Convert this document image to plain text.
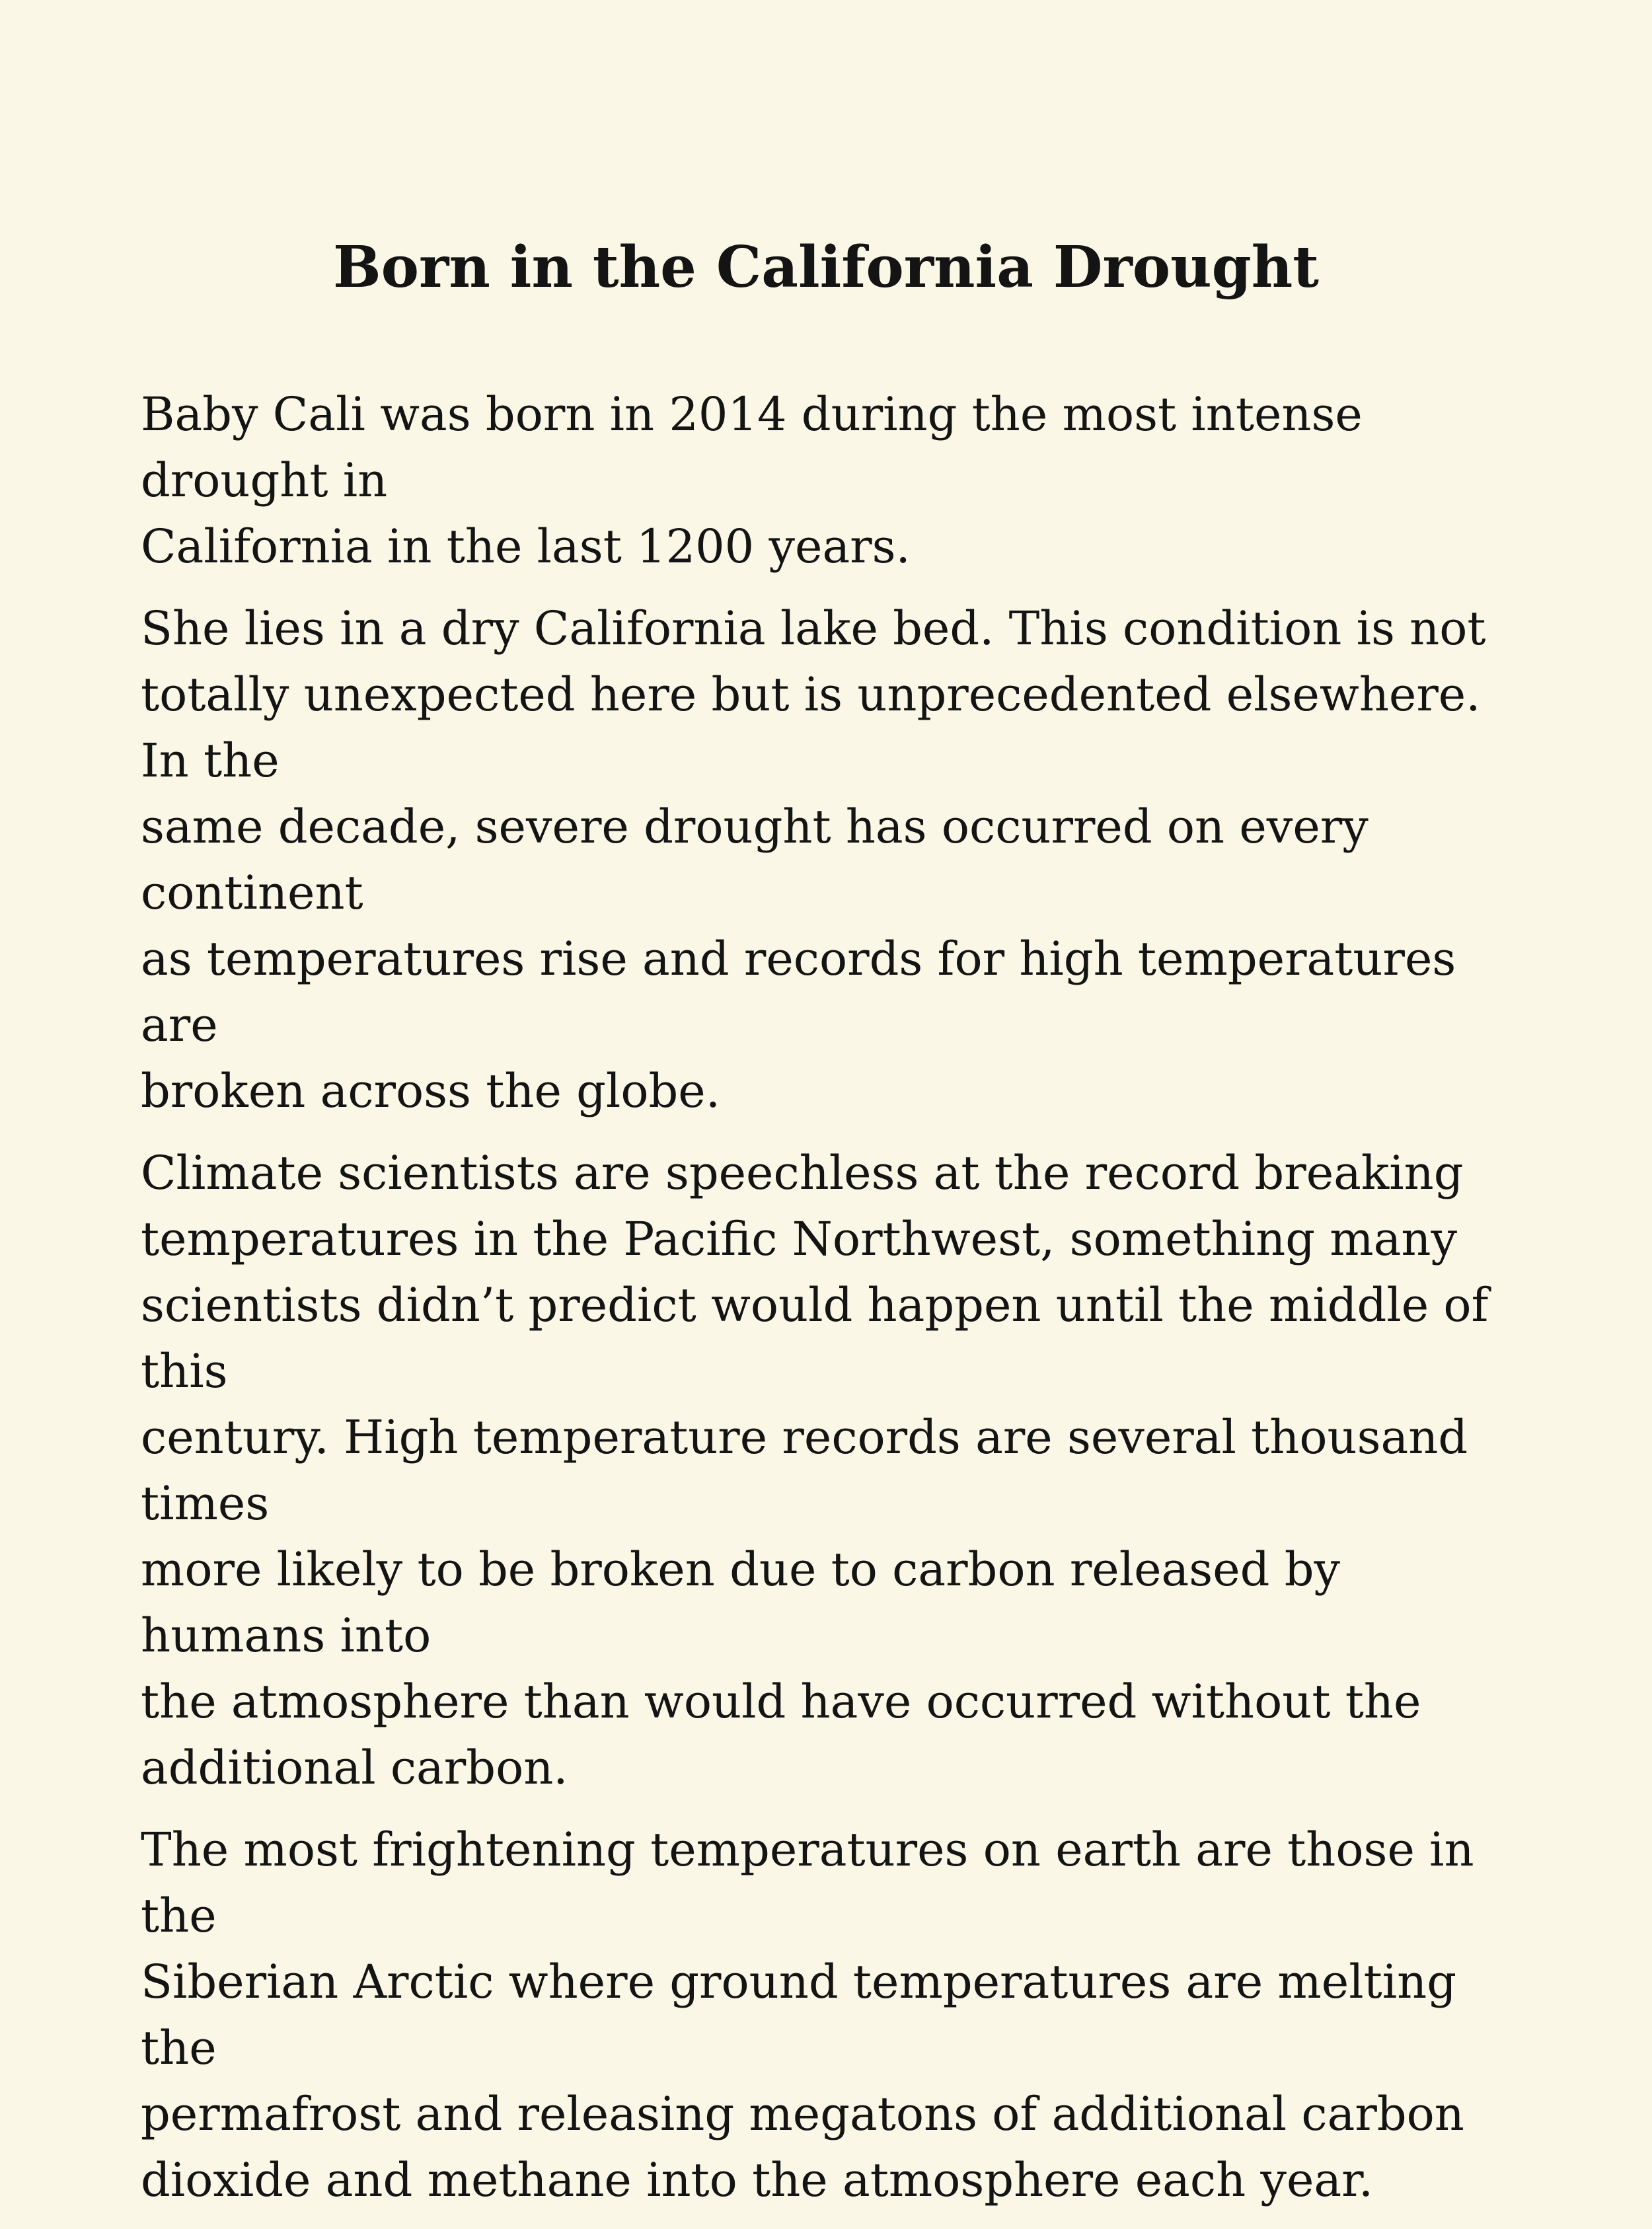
Born in the California Drought

Baby Cali was born in 2014 during the most intense drought in
California in the last 1200 years.

She lies in a dry California lake bed. This condition is not
totally unexpected here but is unprecedented elsewhere. In the
same decade, severe drought has occurred on every continent
as temperatures rise and records for high temperatures are
broken across the globe.

Climate scientists are speechless at the record breaking
temperatures in the Pacific Northwest, something many
scientists didn’t predict would happen until the middle of this
century. High temperature records are several thousand times
more likely to be broken due to carbon released by humans into
the atmosphere than would have occurred without the
additional carbon.

The most frightening temperatures on earth are those in the
Siberian Arctic where ground temperatures are melting the
permafrost and releasing megatons of additional carbon
dioxide and methane into the atmosphere each year.
